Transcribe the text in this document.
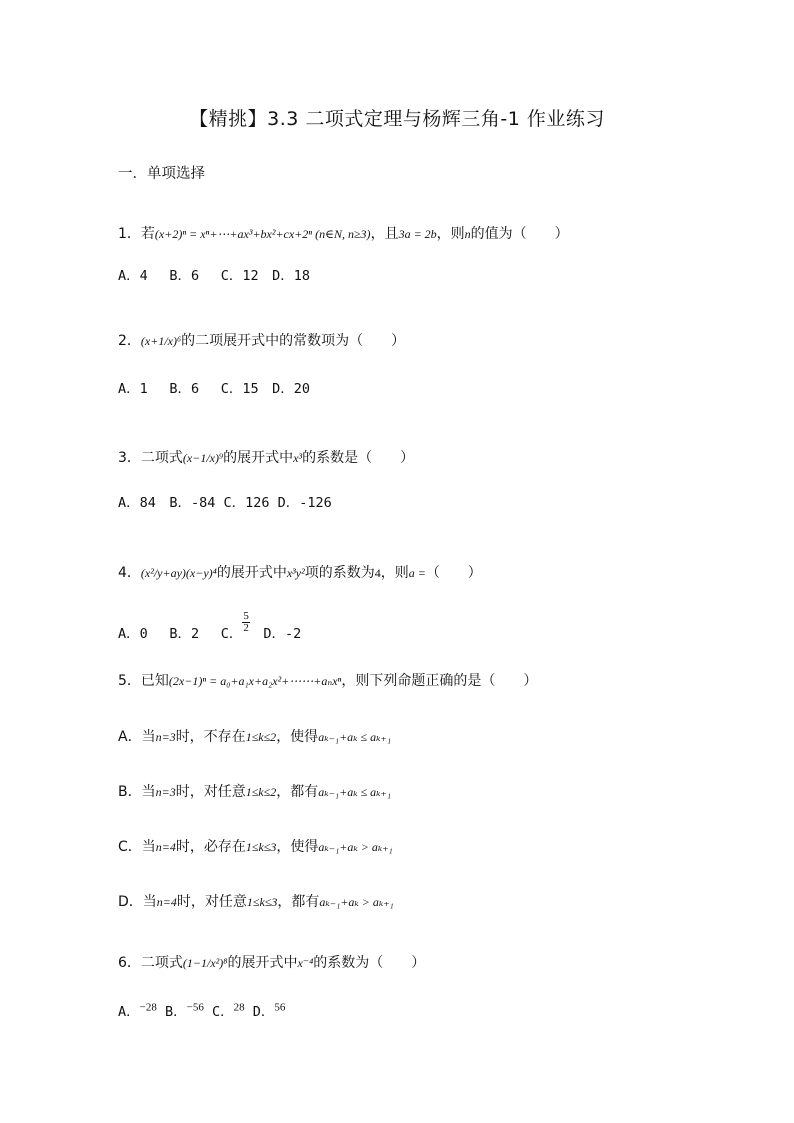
【精挑】3.3 二项式定理与杨辉三角-1 作业练习
一．单项选择
1．若(x+2)ⁿ = xⁿ+⋯+ax³+bx²+cx+2ⁿ (n∈N, n≥3)，且3a = 2b，则n的值为（　　）
A．4　 B．6　 C．12　D．18
2．(x+1/x)⁶的二项展开式中的常数项为（　　）
A．1　 B．6　 C．15　D．20
3．二项式(x−1/x)⁹的展开式中x³的系数是（　　）
A．84　B．-84 C．126 D．-126
4．(x²/y+ay)(x−y)⁴的展开式中x³y²项的系数为4，则a =（　　）
A．0　 B．2　 C．
$\frac{5}{2}$
　D．-2
5．已知(2x−1)ⁿ = a₀+a₁x+a₂x²+⋯⋯+aₙxⁿ，则下列命题正确的是（　　）
A．当n=3时，不存在1≤k≤2，使得aₖ₋₁+aₖ ≤ aₖ₊₁
B．当n=3时，对任意1≤k≤2，都有aₖ₋₁+aₖ ≤ aₖ₊₁
C．当n=4时，必存在1≤k≤3，使得aₖ₋₁+aₖ > aₖ₊₁
D．当n=4时，对任意1≤k≤3，都有aₖ₋₁+aₖ > aₖ₊₁
6．二项式(1−1/x²)⁸的展开式中x⁻⁴的系数为（　　）
A．$^{-28}$ B．$^{-56}$ C．$^{28}$ D．$^{56}$
